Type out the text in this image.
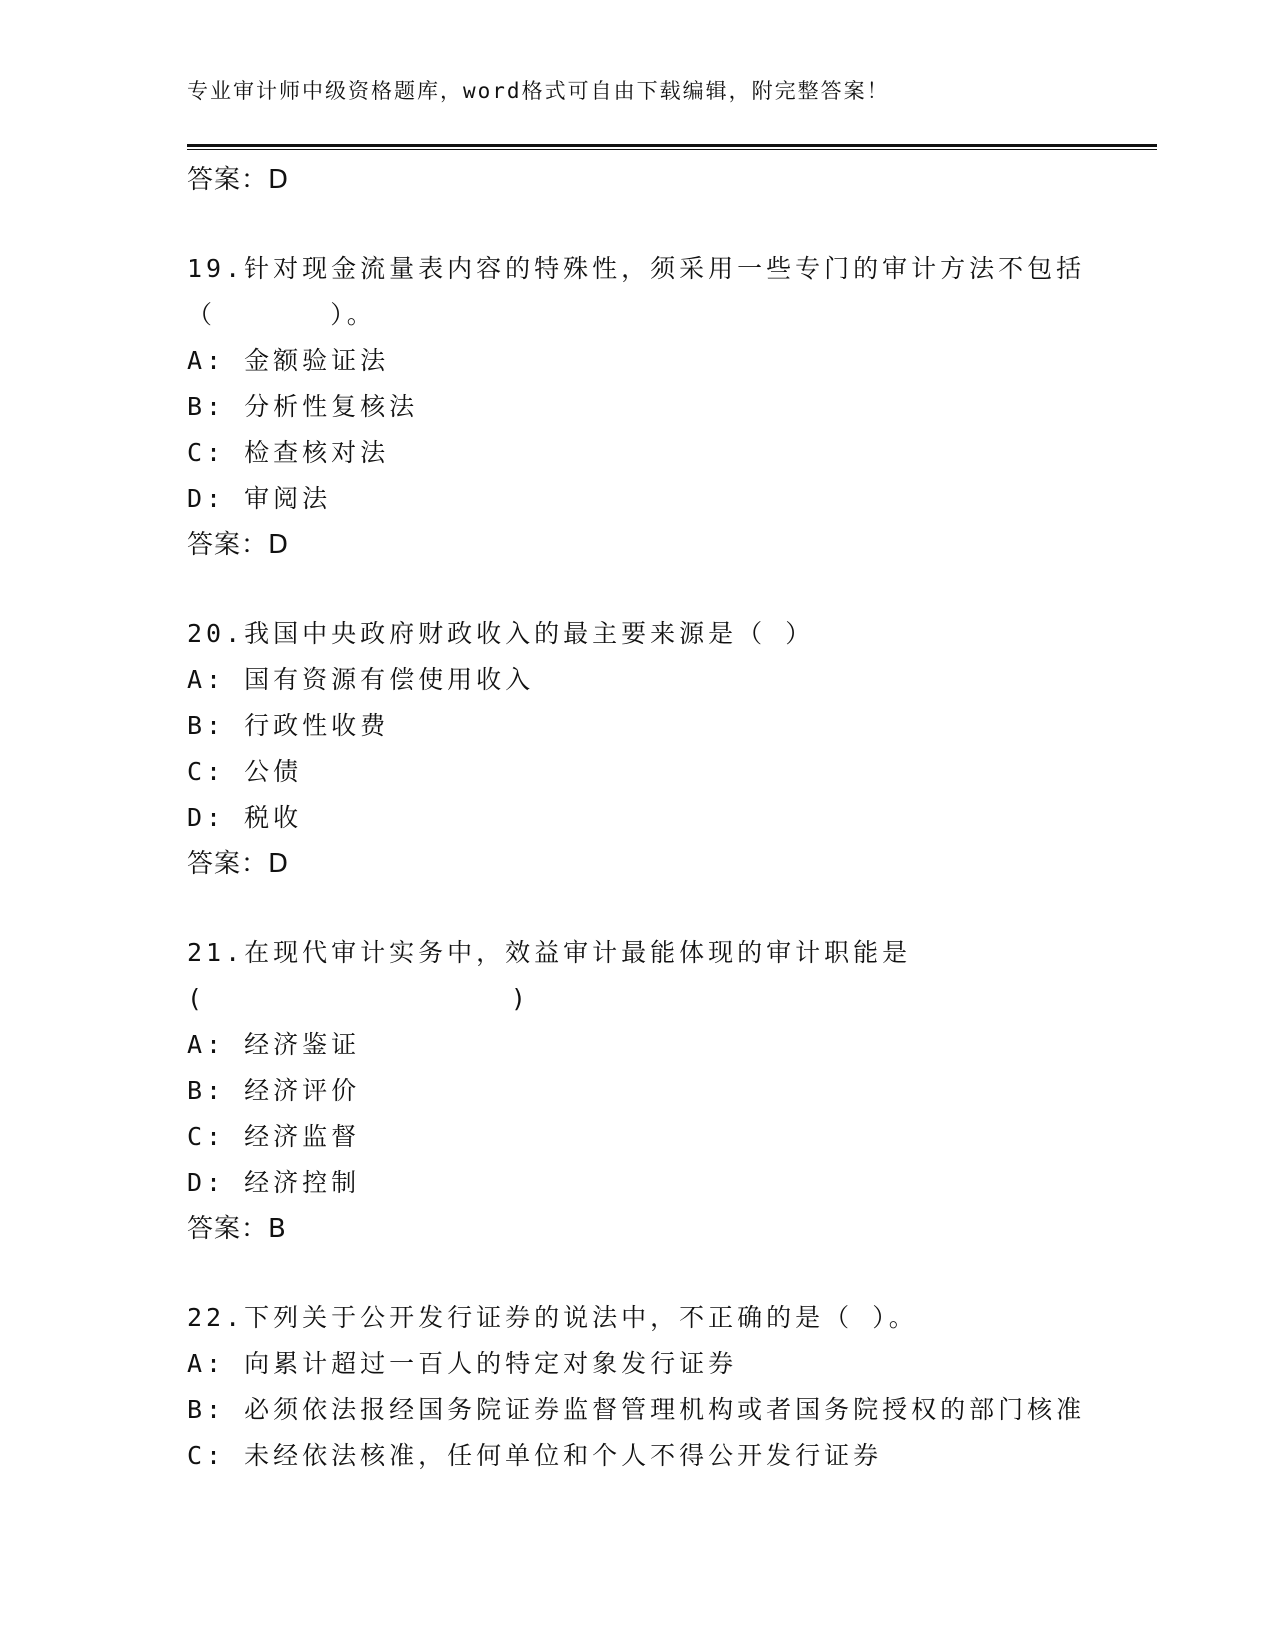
专业审计师中级资格题库，word格式可自由下载编辑，附完整答案！
答案：D
19.针对现金流量表内容的特殊性，须采用一些专门的审计方法不包括
（      ）。
A: 金额验证法
B: 分析性复核法
C: 检查核对法
D: 审阅法
答案：D
20.我国中央政府财政收入的最主要来源是（ ）
A: 国有资源有偿使用收入
B: 行政性收费
C: 公债
D: 税收
答案：D
21.在现代审计实务中，效益审计最能体现的审计职能是
(                )
A: 经济鉴证
B: 经济评价
C: 经济监督
D: 经济控制
答案：B
22.下列关于公开发行证券的说法中，不正确的是（ ）。
A: 向累计超过一百人的特定对象发行证券
B: 必须依法报经国务院证券监督管理机构或者国务院授权的部门核准
C: 未经依法核准，任何单位和个人不得公开发行证券
